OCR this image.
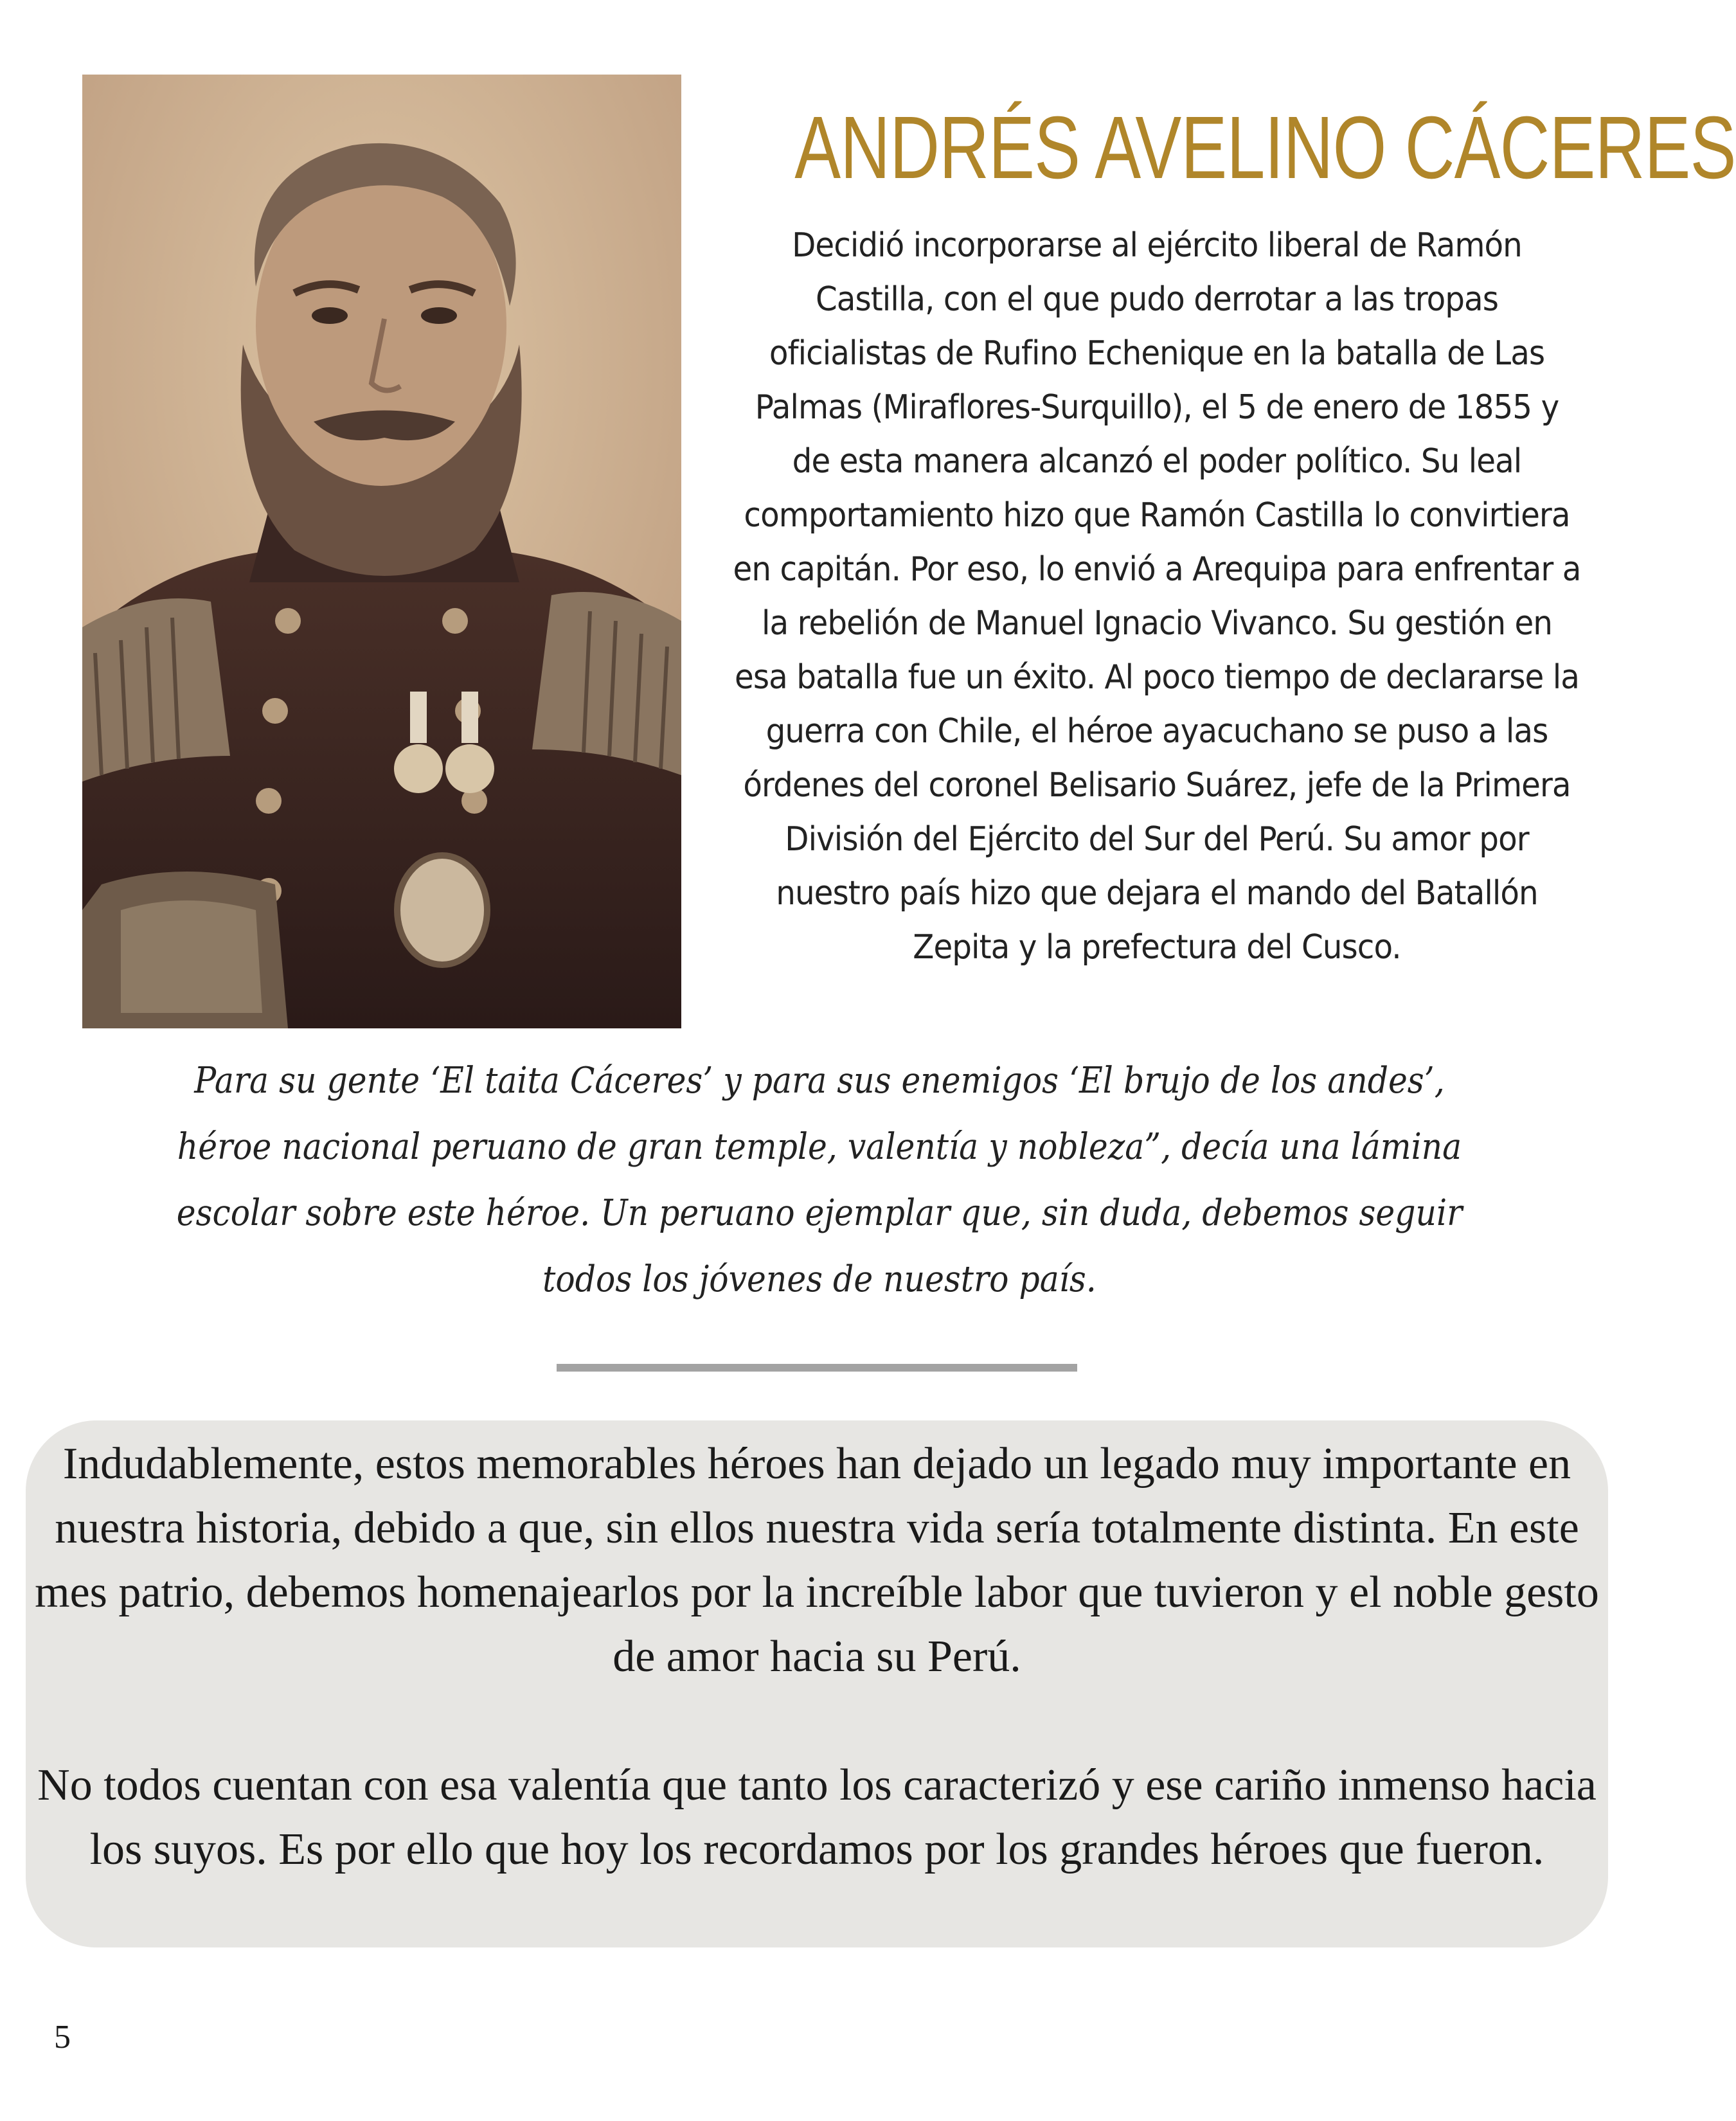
ANDRÉS AVELINO CÁCERES
Decidió incorporarse al ejército liberal de Ramón Castilla, con el que pudo derrotar a las tropas oficialistas de Rufino Echenique en la batalla de Las Palmas (Miraflores-Surquillo), el 5 de enero de 1855 y de esta manera alcanzó el poder político. Su leal comportamiento hizo que Ramón Castilla lo convirtiera en capitán. Por eso, lo envió a Arequipa para enfrentar a la rebelión de Manuel Ignacio Vivanco. Su gestión en esa batalla fue un éxito. Al poco tiempo de declararse la guerra con Chile, el héroe ayacuchano se puso a las órdenes del coronel Belisario Suárez, jefe de la Primera División del Ejército del Sur del Perú. Su amor por nuestro país hizo que dejara el mando del Batallón Zepita y la prefectura del Cusco.
Para su gente ‘El taita Cáceres’ y para sus enemigos ‘El brujo de los andes’, héroe nacional peruano de gran temple, valentía y nobleza”, decía una lámina escolar sobre este héroe. Un peruano ejemplar que, sin duda, debemos seguir todos los jóvenes de nuestro país.

Indudablemente, estos memorables héroes han dejado un legado muy importante en nuestra historia, debido a que, sin ellos nuestra vida sería totalmente distinta. En este mes patrio, debemos homenajearlos por la increíble labor que tuvieron y el noble gesto de amor hacia su Perú.

No todos cuentan con esa valentía que tanto los caracterizó y ese cariño inmenso hacia los suyos. Es por ello que hoy los recordamos por los grandes héroes que fueron.

5
